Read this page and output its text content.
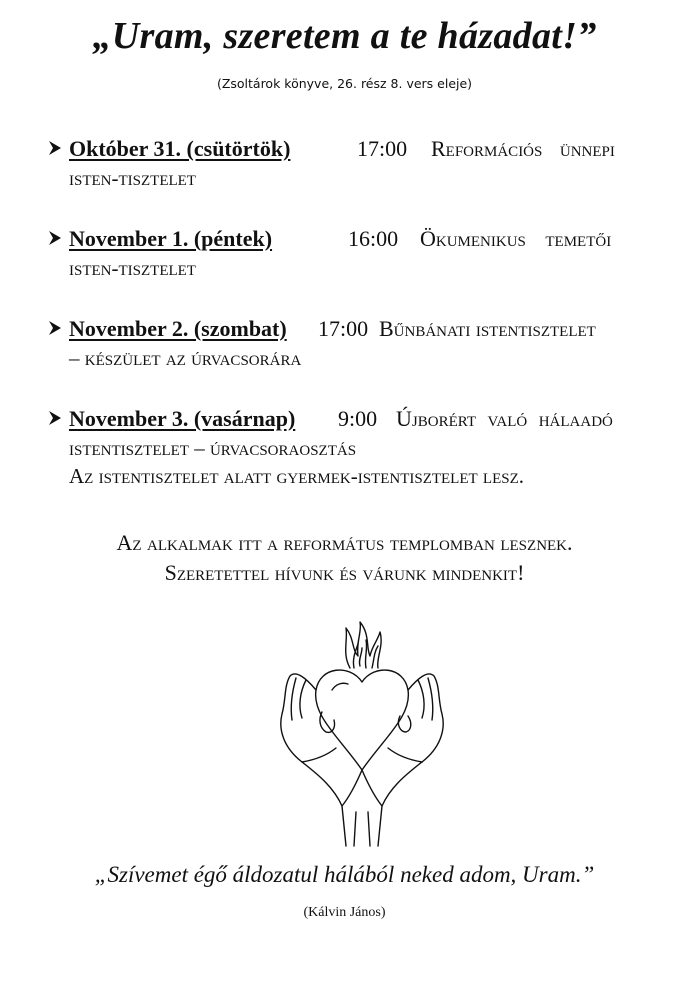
„Uram, szeretem a te házadat!”

(Zsoltárok könyve, 26. rész 8. vers eleje)

Október 31. (csütörtök)	17:00 Reformációs ünnepi
isten-tisztelet
November 1. (péntek)	16:00 Ökumenikus temetői
isten-tisztelet
November 2. (szombat) 17:00 Bűnbánati istentisztelet
– készület az úrvacsorára
November 3. (vasárnap) 9:00 Újborért való hálaadó
istentisztelet – úrvacsoraosztás
Az istentisztelet alatt gyermek-istentisztelet lesz.
Az alkalmak itt a református templomban lesznek.
Szeretettel hívunk és várunk mindenkit!
„Szívemet égő áldozatul hálából neked adom, Uram.”
(Kálvin János)
